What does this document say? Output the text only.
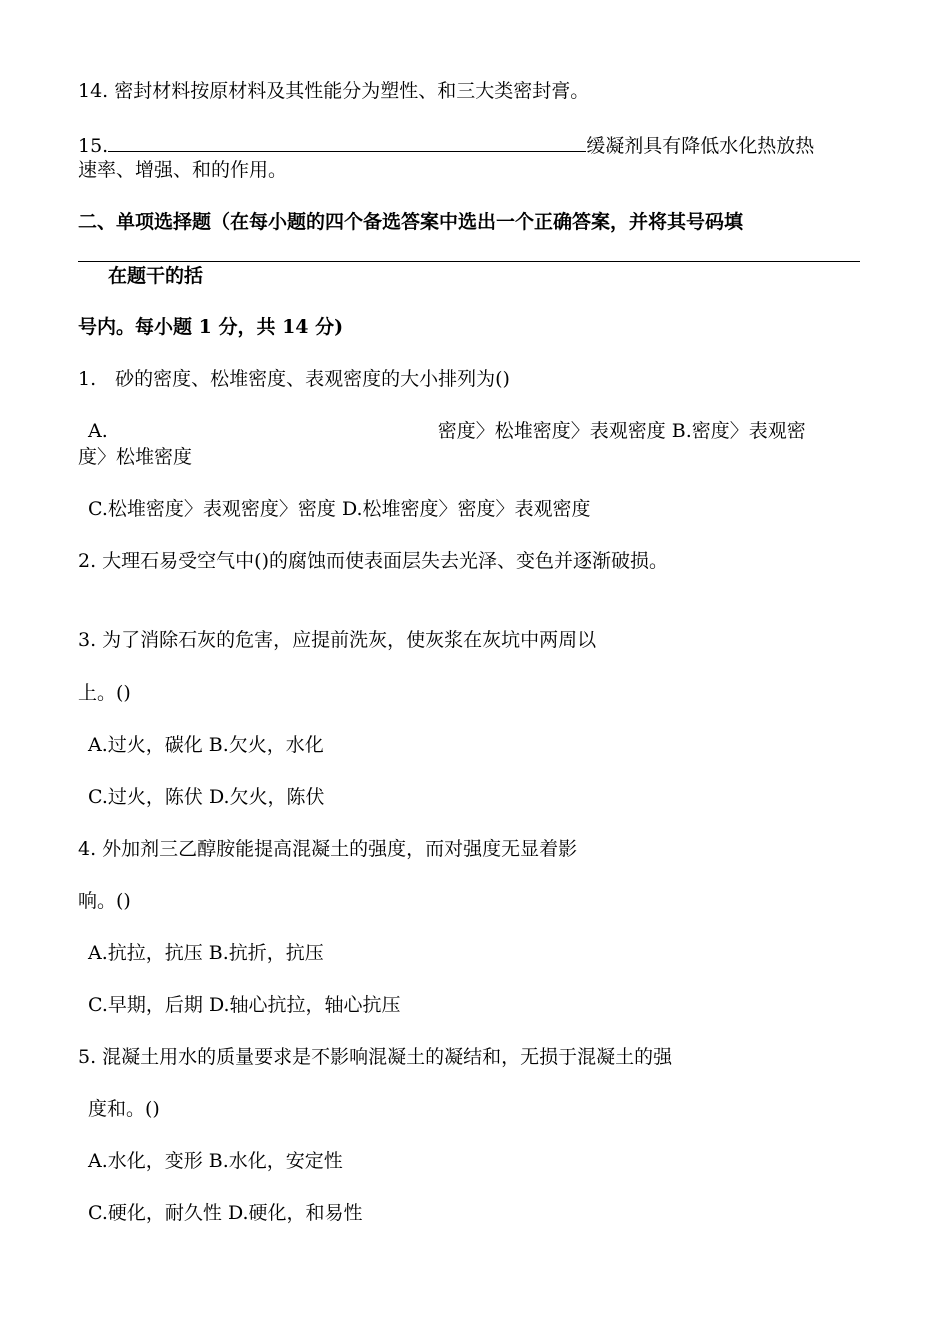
14. 密封材料按原材料及其性能分为塑性、和三大类密封膏。
15.	缓凝剂具有降低水化热放热
速率、增强、和的作用。
二、单项选择题（在每小题的四个备选答案中选出一个正确答案，并将其号码填
在题干的括
号内。每小题 1 分，共 14 分)
1.　砂的密度、松堆密度、表观密度的大小排列为()
A.	密度〉松堆密度〉表观密度 B.密度〉表观密
度〉松堆密度
C.松堆密度〉表观密度〉密度 D.松堆密度〉密度〉表观密度
2. 大理石易受空气中()的腐蚀而使表面层失去光泽、变色并逐渐破损。
3. 为了消除石灰的危害，应提前洗灰，使灰浆在灰坑中两周以
上。()
A.过火，碳化 B.欠火，水化
C.过火，陈伏 D.欠火，陈伏
4. 外加剂三乙醇胺能提高混凝土的强度，而对强度无显着影
响。()
A.抗拉，抗压 B.抗折，抗压
C.早期，后期 D.轴心抗拉，轴心抗压
5. 混凝土用水的质量要求是不影响混凝土的凝结和，无损于混凝土的强
度和。()
A.水化，变形 B.水化，安定性
C.硬化，耐久性 D.硬化，和易性
